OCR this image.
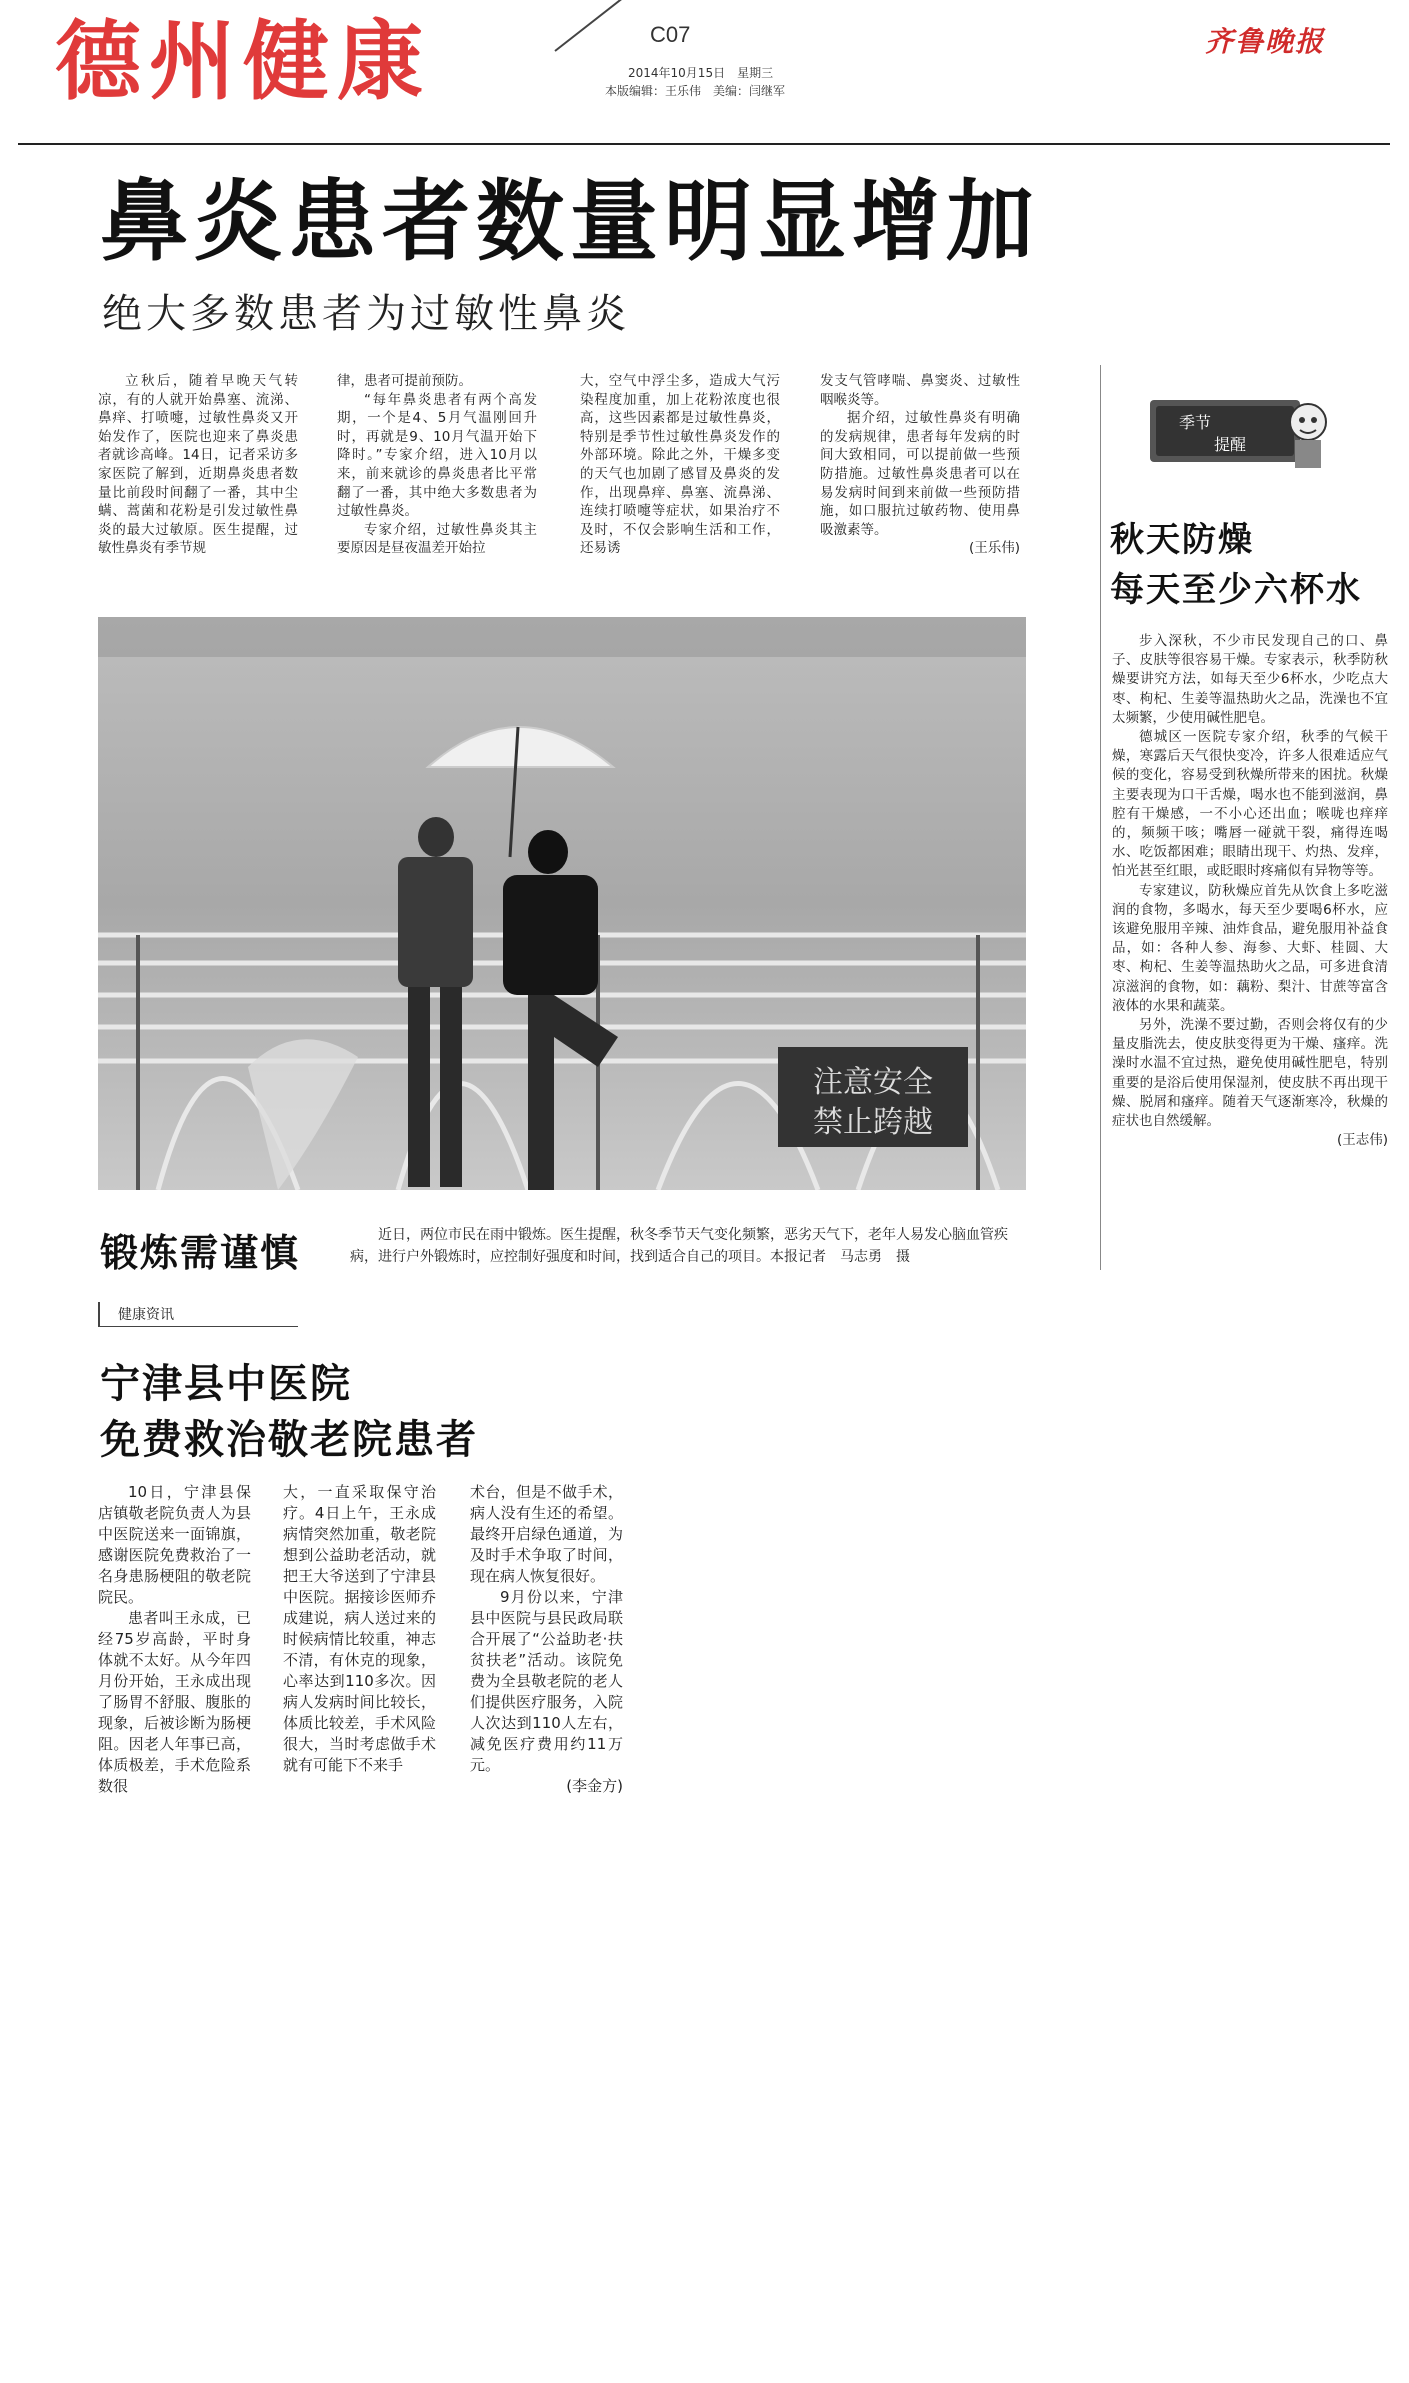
德州健康	C07
2014年10月15日　星期三
本版编辑：王乐伟　美编：闫继军
齐鲁晚报
鼻炎患者数量明显增加
绝大多数患者为过敏性鼻炎

立秋后，随着早晚天气转凉，有的人就开始鼻塞、流涕、鼻痒、打喷嚏，过敏性鼻炎又开始发作了，医院也迎来了鼻炎患者就诊高峰。14日，记者采访多家医院了解到，近期鼻炎患者数量比前段时间翻了一番，其中尘螨、蒿菌和花粉是引发过敏性鼻炎的最大过敏原。医生提醒，过敏性鼻炎有季节规

律，患者可提前预防。

“每年鼻炎患者有两个高发期，一个是4、5月气温刚回升时，再就是9、10月气温开始下降时。”专家介绍，进入10月以来，前来就诊的鼻炎患者比平常翻了一番，其中绝大多数患者为过敏性鼻炎。

专家介绍，过敏性鼻炎其主要原因是昼夜温差开始拉

大，空气中浮尘多，造成大气污染程度加重，加上花粉浓度也很高，这些因素都是过敏性鼻炎，特别是季节性过敏性鼻炎发作的外部环境。除此之外，干燥多变的天气也加剧了感冒及鼻炎的发作，出现鼻痒、鼻塞、流鼻涕、连续打喷嚏等症状，如果治疗不及时，不仅会影响生活和工作，还易诱

发支气管哮喘、鼻窦炎、过敏性咽喉炎等。

据介绍，过敏性鼻炎有明确的发病规律，患者每年发病的时间大致相同，可以提前做一些预防措施。过敏性鼻炎患者可以在易发病时间到来前做一些预防措施，如口服抗过敏药物、使用鼻吸激素等。

(王乐伟)
注意安全
禁止跨越
锻炼需谨慎	近日，两位市民在雨中锻炼。医生提醒，秋冬季节天气变化频繁，恶劣天气下，老年人易发心脑血管疾病，进行户外锻炼时，应控制好强度和时间，找到适合自己的项目。本报记者　马志勇　摄
健康资讯
宁津县中医院
免费救治敬老院患者

10日，宁津县保店镇敬老院负责人为县中医院送来一面锦旗，感谢医院免费救治了一名身患肠梗阻的敬老院院民。

患者叫王永成，已经75岁高龄，平时身体就不太好。从今年四月份开始，王永成出现了肠胃不舒服、腹胀的现象，后被诊断为肠梗阻。因老人年事已高，体质极差，手术危险系数很

大，一直采取保守治疗。4日上午，王永成病情突然加重，敬老院想到公益助老活动，就把王大爷送到了宁津县中医院。据接诊医师乔成建说，病人送过来的时候病情比较重，神志不清，有休克的现象，心率达到110多次。因病人发病时间比较长，体质比较差，手术风险很大，当时考虑做手术就有可能下不来手

术台，但是不做手术，病人没有生还的希望。最终开启绿色通道，为及时手术争取了时间，现在病人恢复很好。

9月份以来，宁津县中医院与县民政局联合开展了“公益助老·扶贫扶老”活动。该院免费为全县敬老院的老人们提供医疗服务，入院人次达到110人左右，减免医疗费用约11万元。

(李金方)
季节
提醒
秋天防燥
每天至少六杯水

步入深秋，不少市民发现自己的口、鼻子、皮肤等很容易干燥。专家表示，秋季防秋燥要讲究方法，如每天至少6杯水，少吃点大枣、枸杞、生姜等温热助火之品，洗澡也不宜太频繁，少使用碱性肥皂。

德城区一医院专家介绍，秋季的气候干燥，寒露后天气很快变冷，许多人很难适应气候的变化，容易受到秋燥所带来的困扰。秋燥主要表现为口干舌燥，喝水也不能到滋润，鼻腔有干燥感，一不小心还出血；喉咙也痒痒的，频频干咳；嘴唇一碰就干裂，痛得连喝水、吃饭都困难；眼睛出现干、灼热、发痒，怕光甚至红眼，或眨眼时疼痛似有异物等等。

专家建议，防秋燥应首先从饮食上多吃滋润的食物，多喝水，每天至少要喝6杯水，应该避免服用辛辣、油炸食品，避免服用补益食品，如：各种人参、海参、大虾、桂圆、大枣、枸杞、生姜等温热助火之品，可多进食清凉滋润的食物，如：藕粉、梨汁、甘蔗等富含液体的水果和蔬菜。

另外，洗澡不要过勤，否则会将仅有的少量皮脂洗去，使皮肤变得更为干燥、瘙痒。洗澡时水温不宜过热，避免使用碱性肥皂，特别重要的是浴后使用保湿剂，使皮肤不再出现干燥、脱屑和瘙痒。随着天气逐渐寒冷，秋燥的症状也自然缓解。

(王志伟)
